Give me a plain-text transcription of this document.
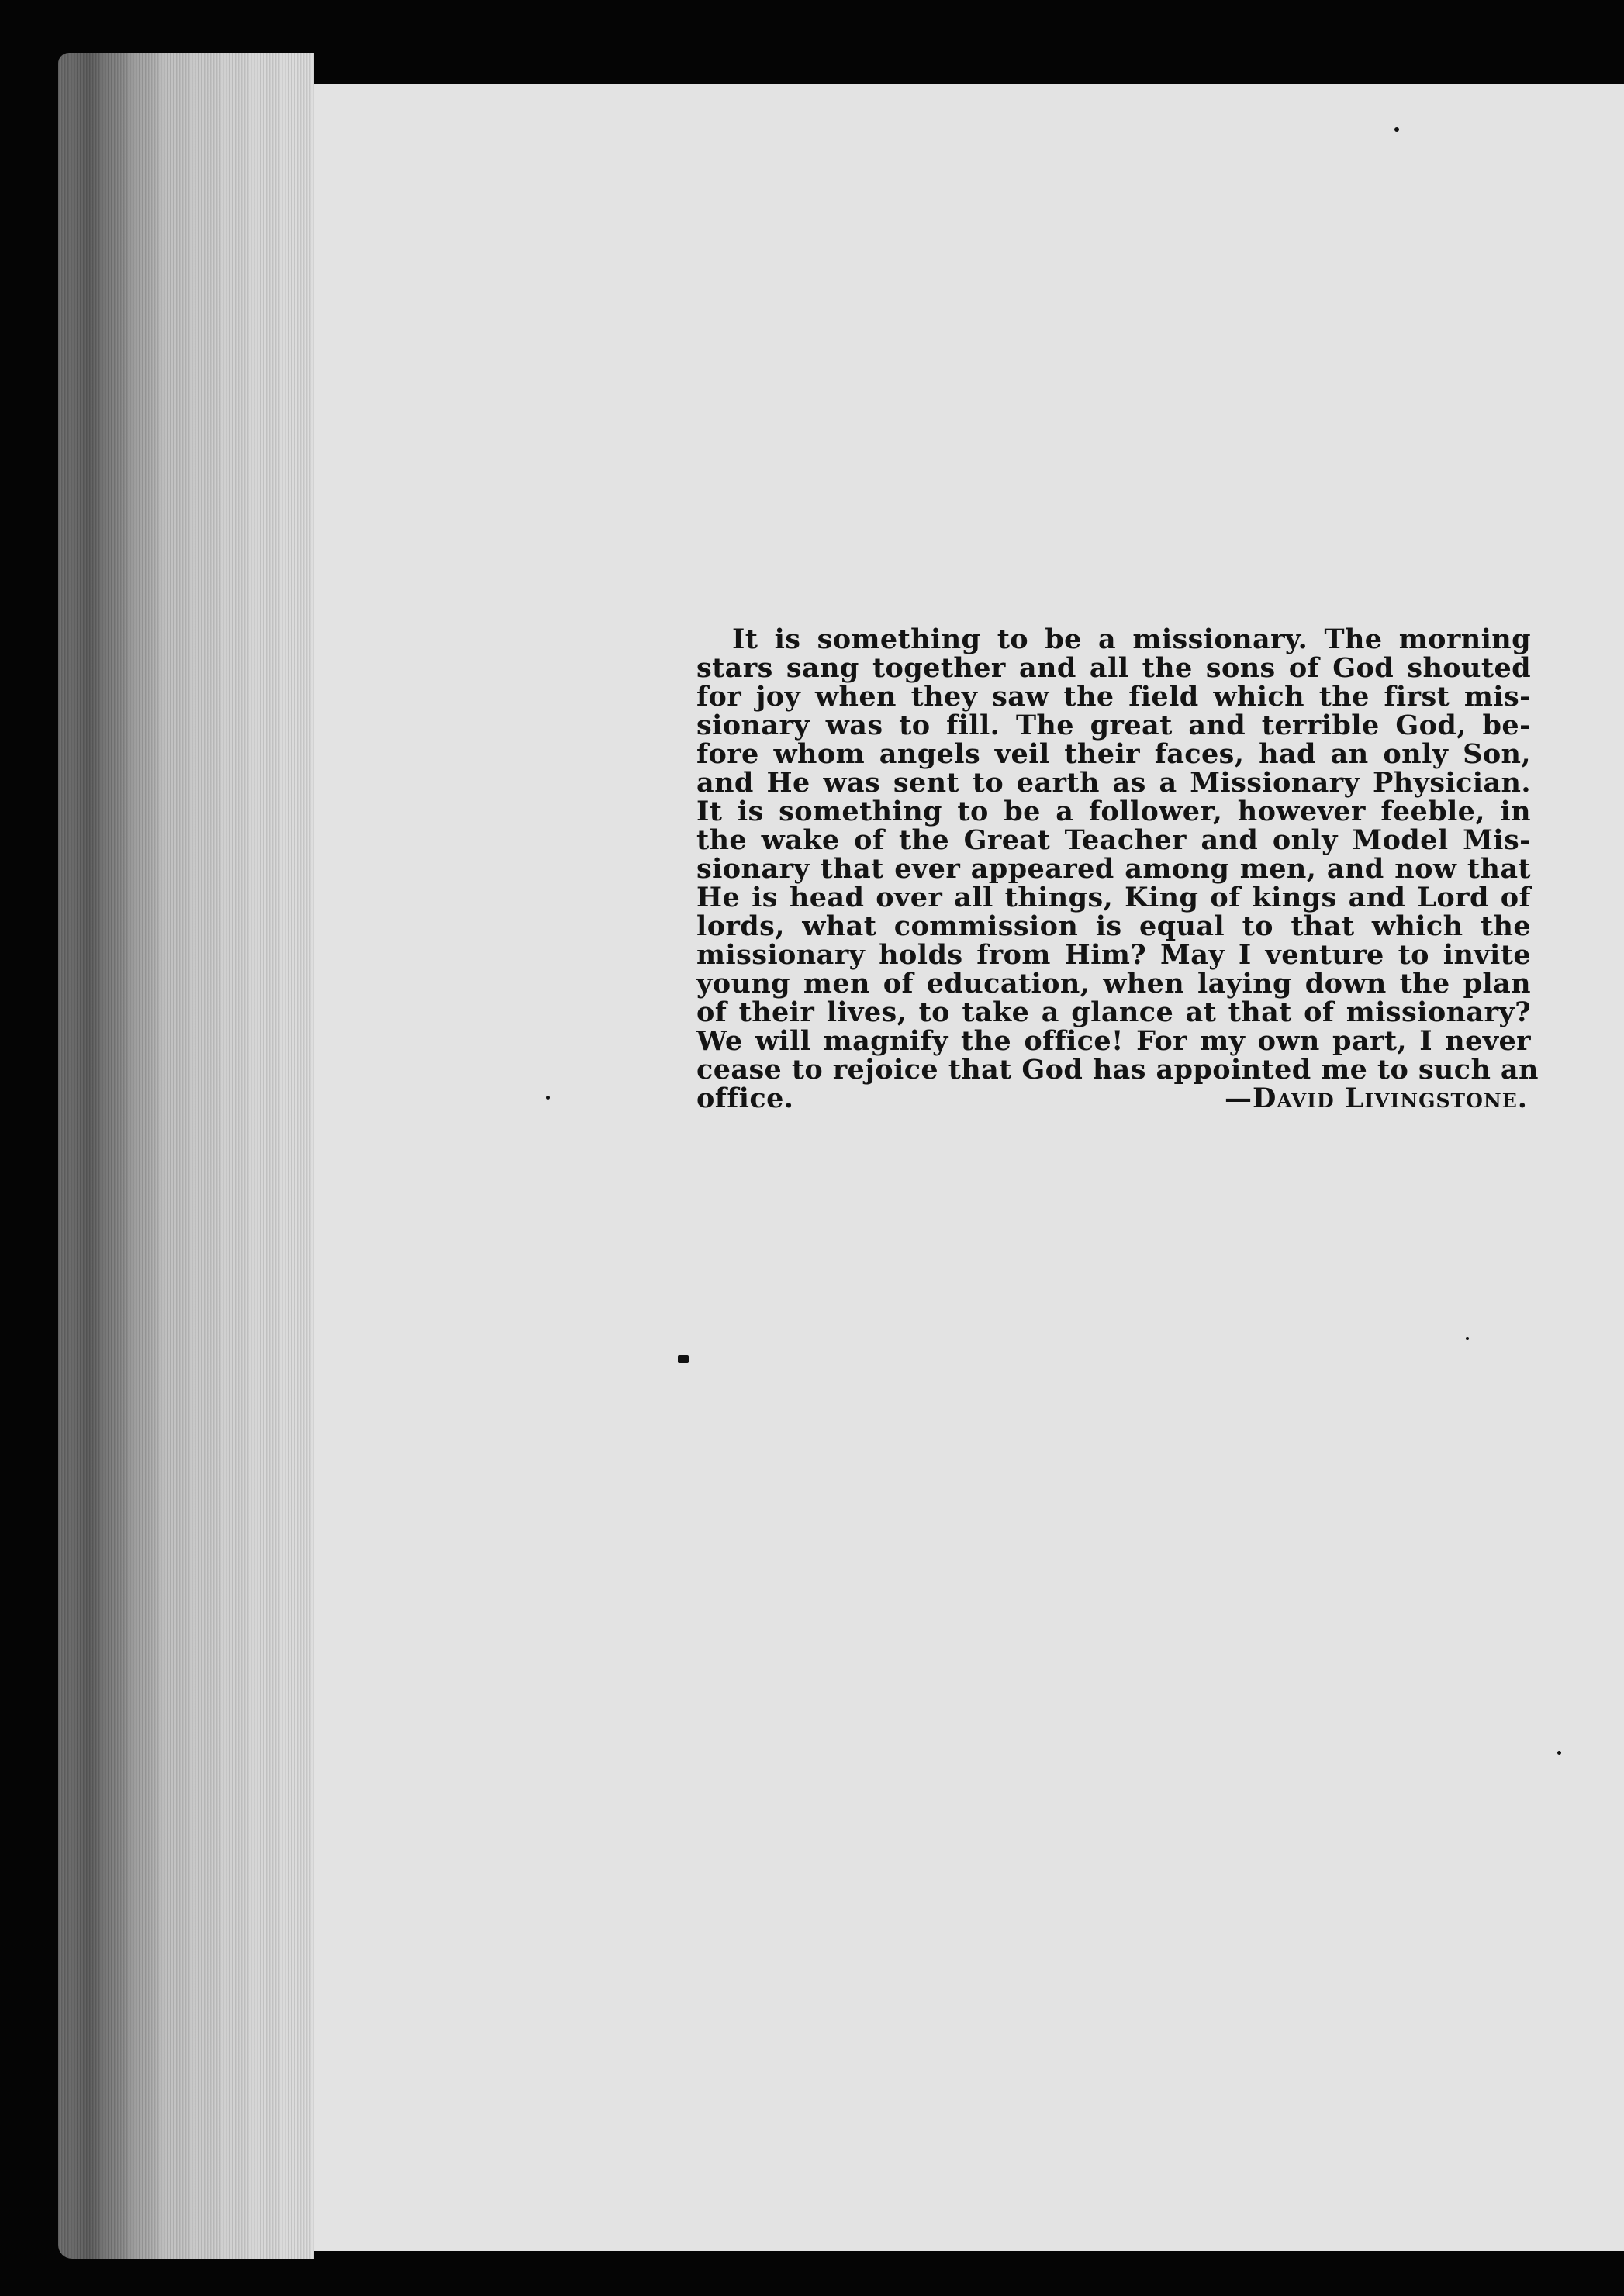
It is something to be a missionary. The morning
stars sang together and all the sons of God shouted
for joy when they saw the field which the first mis-
sionary was to fill. The great and terrible God, be-
fore whom angels veil their faces, had an only Son,
and He was sent to earth as a Missionary Physician.
It is something to be a follower, however feeble, in
the wake of the Great Teacher and only Model Mis-
sionary that ever appeared among men, and now that
He is head over all things, King of kings and Lord of
lords, what commission is equal to that which the
missionary holds from Him? May I venture to invite
young men of education, when laying down the plan
of their lives, to take a glance at that of missionary?
We will magnify the office! For my own part, I never
cease to rejoice that God has appointed me to such an
office.	—David Livingstone.
